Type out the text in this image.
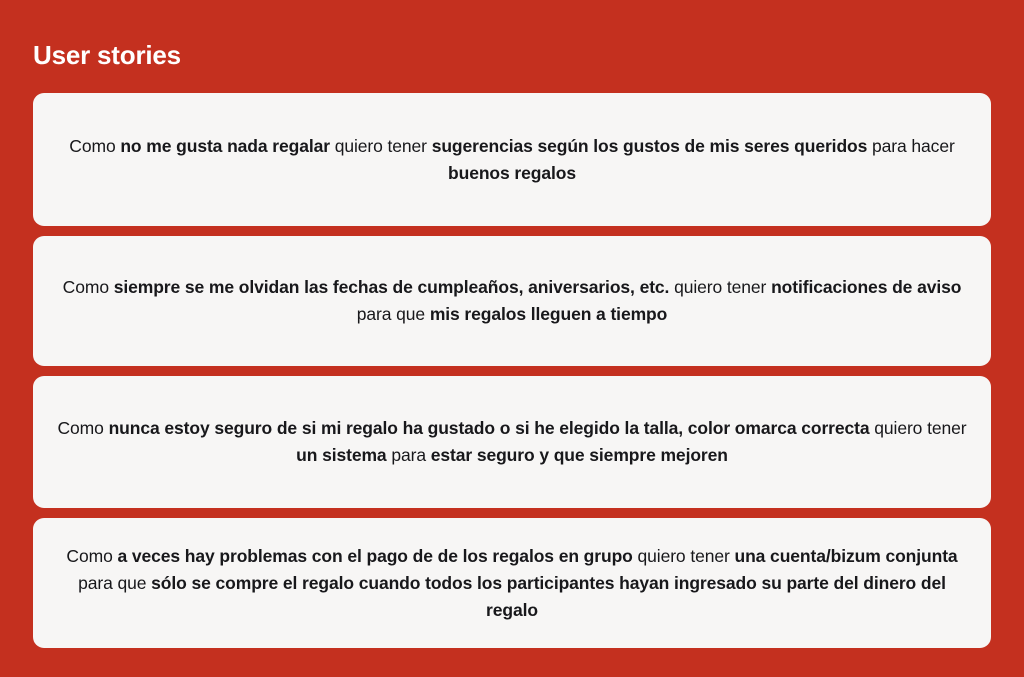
User stories

Como no me gusta nada regalar quiero tener sugerencias según los gustos de mis seres queridos para hacer buenos regalos

Como siempre se me olvidan las fechas de cumpleaños, aniversarios, etc. quiero tener notificaciones de aviso para que mis regalos lleguen a tiempo

Como nunca estoy seguro de si mi regalo ha gustado o si he elegido la talla, color omarca correcta quiero tener un sistema para estar seguro y que siempre mejoren

Como a veces hay problemas con el pago de de los regalos en grupo quiero tener una cuenta/bizum conjunta para que sólo se compre el regalo cuando todos los participantes hayan ingresado su parte del dinero del regalo
